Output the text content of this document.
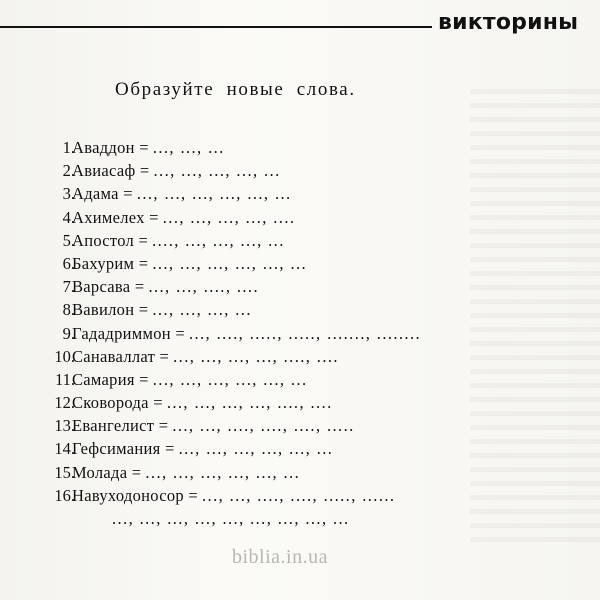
викторины
Образуйте новые слова.
1.
Аваддон = ..., ..., ...
2.
Авиасаф = ..., ..., ..., ..., ...
3.
Адама = ..., ..., ..., ..., ..., ...
4.
Ахимелех = ..., ..., ..., ..., ....
5.
Апостол = ...., ..., ..., ..., ...
6.
Бахурим = ..., ..., ..., ..., ..., ...
7.
Варсава = ..., ..., ...., ....
8.
Вавилон = ..., ..., ..., ...
9.
Гададриммон = ..., ...., ....., ....., ......., ........
10.
Санаваллат = ..., ..., ..., ..., ...., ....
11.
Самария = ..., ..., ..., ..., ..., ...
12.
Сковорода = ..., ..., ..., ..., ...., ....
13.
Евангелист = ..., ..., ...., ...., ...., .....
14.
Гефсимания = ..., ..., ..., ..., ..., ...
15.
Молада = ..., ..., ..., ..., ..., ...
16.
Навуходоносор = ..., ..., ...., ...., ....., ......
..., ..., ..., ..., ..., ..., ..., ..., ...
biblia.in.ua
